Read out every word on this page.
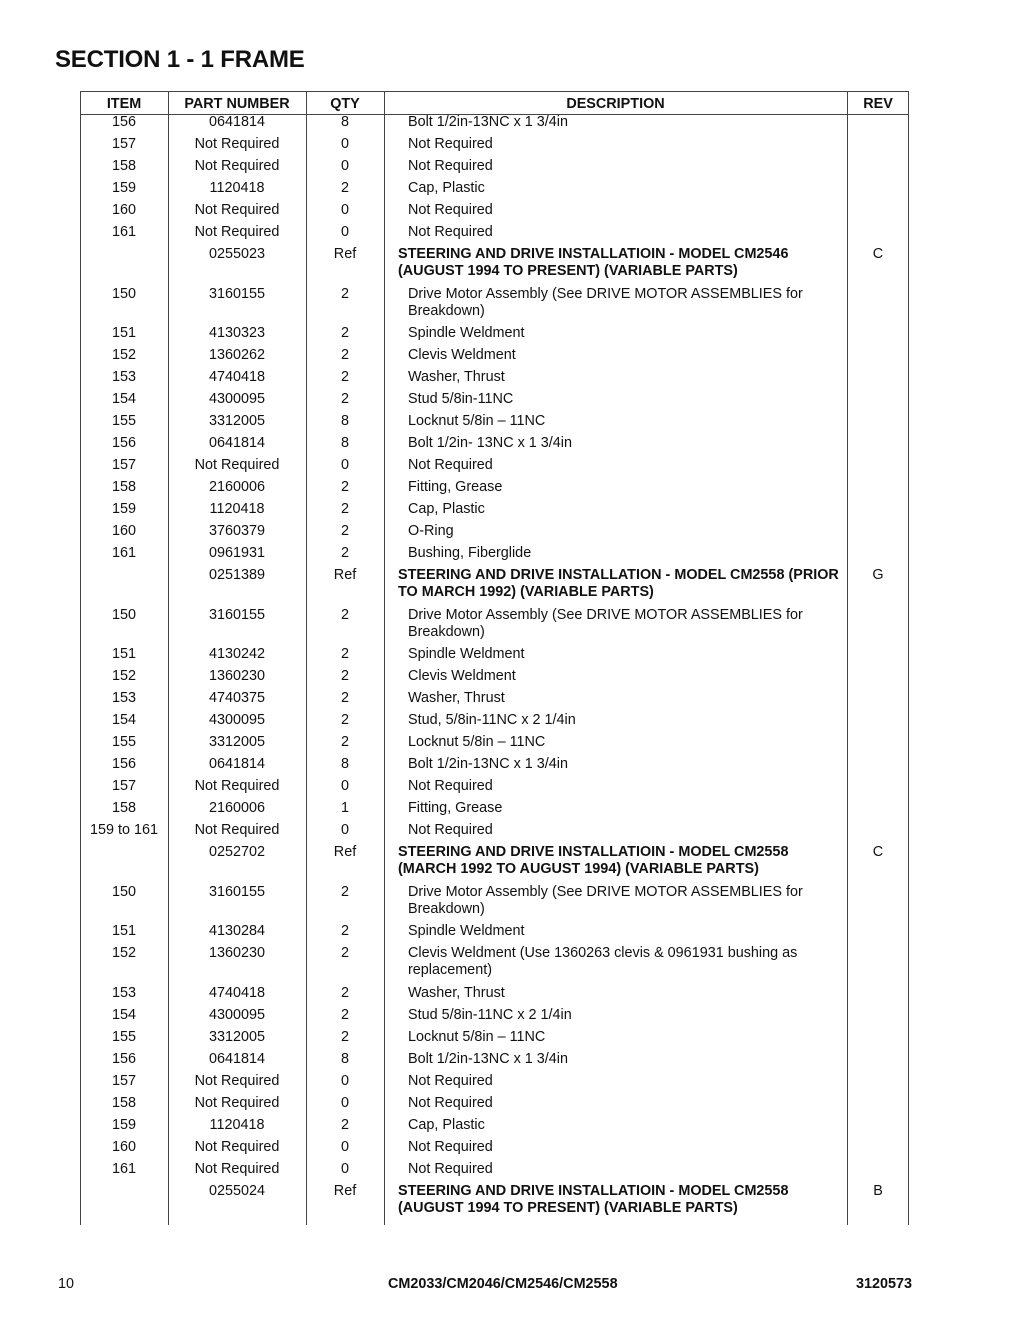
SECTION 1 - 1 FRAME
ITEM	PART NUMBER	QTY	DESCRIPTION	REV
156	0641814	8	Bolt 1/2in-13NC x 1 3/4in	
157	Not Required	0	Not Required	
158	Not Required	0	Not Required	
159	1120418	2	Cap, Plastic	
160	Not Required	0	Not Required	
161	Not Required	0	Not Required	
	0255023	Ref	STEERING AND DRIVE INSTALLATIOIN - MODEL CM2546 (AUGUST 1994 TO PRESENT) (VARIABLE PARTS)	C
150	3160155	2	Drive Motor Assembly (See DRIVE MOTOR ASSEMBLIES for Breakdown)	
151	4130323	2	Spindle Weldment	
152	1360262	2	Clevis Weldment	
153	4740418	2	Washer, Thrust	
154	4300095	2	Stud 5/8in-11NC	
155	3312005	8	Locknut 5/8in – 11NC	
156	0641814	8	Bolt 1/2in- 13NC x 1 3/4in	
157	Not Required	0	Not Required	
158	2160006	2	Fitting, Grease	
159	1120418	2	Cap, Plastic	
160	3760379	2	O-Ring	
161	0961931	2	Bushing, Fiberglide	
	0251389	Ref	STEERING AND DRIVE INSTALLATION - MODEL CM2558 (PRIOR TO MARCH 1992) (VARIABLE PARTS)	G
150	3160155	2	Drive Motor Assembly (See DRIVE MOTOR ASSEMBLIES for Breakdown)	
151	4130242	2	Spindle Weldment	
152	1360230	2	Clevis Weldment	
153	4740375	2	Washer, Thrust	
154	4300095	2	Stud, 5/8in-11NC x 2 1/4in	
155	3312005	2	Locknut 5/8in – 11NC	
156	0641814	8	Bolt 1/2in-13NC x 1 3/4in	
157	Not Required	0	Not Required	
158	2160006	1	Fitting, Grease	
159 to 161	Not Required	0	Not Required	
	0252702	Ref	STEERING AND DRIVE INSTALLATIOIN - MODEL CM2558 (MARCH 1992 TO AUGUST 1994) (VARIABLE PARTS)	C
150	3160155	2	Drive Motor Assembly (See DRIVE MOTOR ASSEMBLIES for Breakdown)	
151	4130284	2	Spindle Weldment	
152	1360230	2	Clevis Weldment (Use 1360263 clevis & 0961931 bushing as replacement)	
153	4740418	2	Washer, Thrust	
154	4300095	2	Stud 5/8in-11NC x 2 1/4in	
155	3312005	2	Locknut 5/8in – 11NC	
156	0641814	8	Bolt 1/2in-13NC x 1 3/4in	
157	Not Required	0	Not Required	
158	Not Required	0	Not Required	
159	1120418	2	Cap, Plastic	
160	Not Required	0	Not Required	
161	Not Required	0	Not Required	
	0255024	Ref	STEERING AND DRIVE INSTALLATIOIN - MODEL CM2558 (AUGUST 1994 TO PRESENT) (VARIABLE PARTS)	B
10	CM2033/CM2046/CM2546/CM2558	3120573
